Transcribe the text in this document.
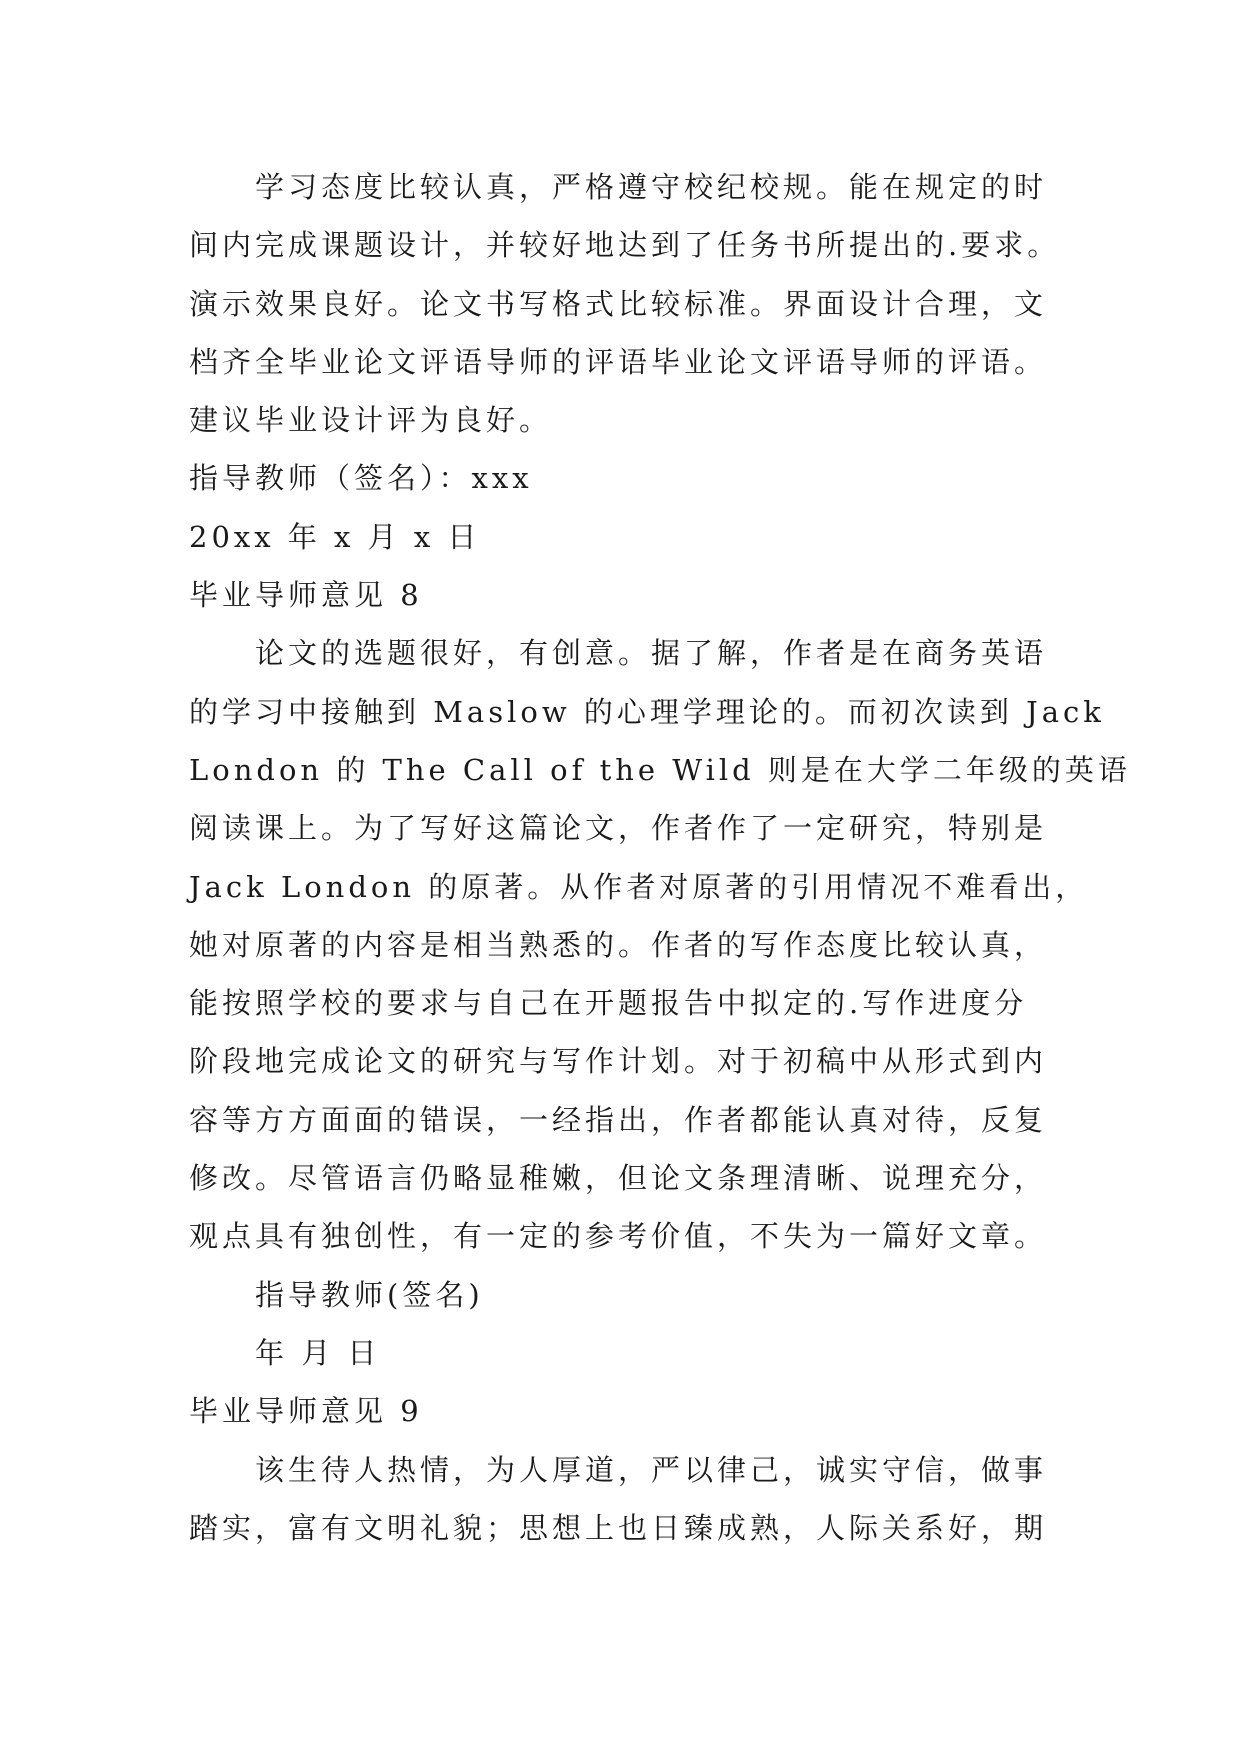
学习态度比较认真，严格遵守校纪校规。能在规定的时
间内完成课题设计，并较好地达到了任务书所提出的.要求。
演示效果良好。论文书写格式比较标准。界面设计合理，文
档齐全毕业论文评语导师的评语毕业论文评语导师的评语。
建议毕业设计评为良好。
指导教师（签名）：xxx
20xx 年 x 月 x 日
毕业导师意见 8
论文的选题很好，有创意。据了解，作者是在商务英语
的学习中接触到 Maslow 的心理学理论的。而初次读到 Jack
London 的 The Call of the Wild 则是在大学二年级的英语
阅读课上。为了写好这篇论文，作者作了一定研究，特别是
Jack London 的原著。从作者对原著的引用情况不难看出，
她对原著的内容是相当熟悉的。作者的写作态度比较认真，
能按照学校的要求与自己在开题报告中拟定的.写作进度分
阶段地完成论文的研究与写作计划。对于初稿中从形式到内
容等方方面面的错误，一经指出，作者都能认真对待，反复
修改。尽管语言仍略显稚嫩，但论文条理清晰、说理充分，
观点具有独创性，有一定的参考价值，不失为一篇好文章。
指导教师(签名)
年 月 日
毕业导师意见 9
该生待人热情，为人厚道，严以律己，诚实守信，做事
踏实，富有文明礼貌；思想上也日臻成熟，人际关系好，期
